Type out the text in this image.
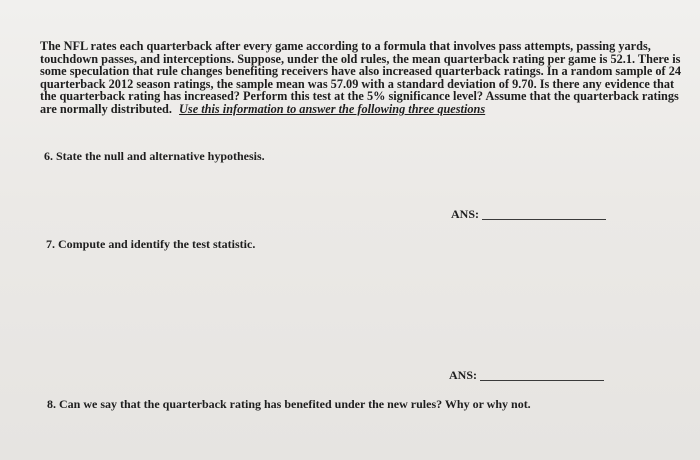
The NFL rates each quarterback after every game according to a formula that involves pass attempts, passing yards, touchdown passes, and interceptions. Suppose, under the old rules, the mean quarterback rating per game is 52.1. There is some speculation that rule changes benefiting receivers have also increased quarterback ratings. In a random sample of 24 quarterback 2012 season ratings, the sample mean was 57.09 with a standard deviation of 9.70. Is there any evidence that the quarterback rating has increased? Perform this test at the 5% significance level? Assume that the quarterback ratings are normally distributed. Use this information to answer the following three questions
6. State the null and alternative hypothesis.
ANS:
7. Compute and identify the test statistic.
ANS:
8. Can we say that the quarterback rating has benefited under the new rules? Why or why not.
